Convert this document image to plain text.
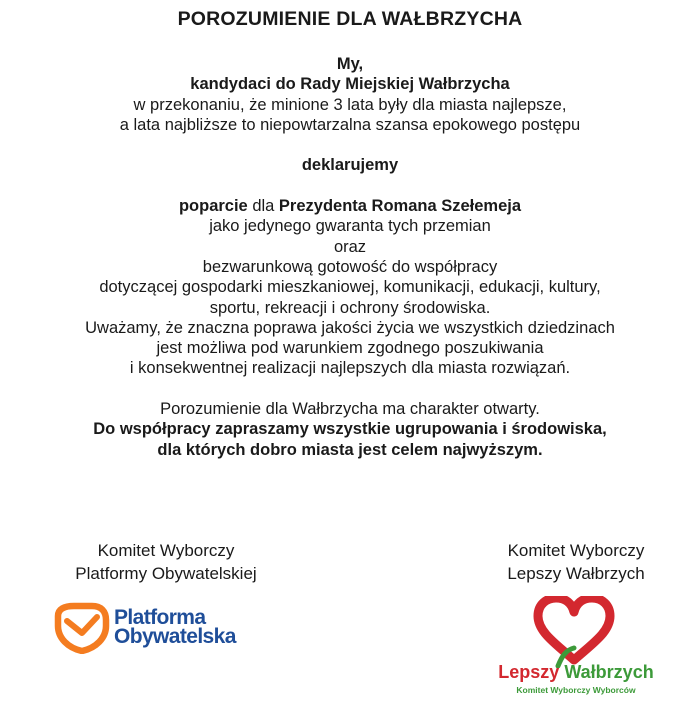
POROZUMIENIE DLA WAŁBRZYCHA
My,
kandydaci do Rady Miejskiej Wałbrzycha
w przekonaniu, że minione 3 lata były dla miasta najlepsze,
a lata najbliższe to niepowtarzalna szansa epokowego postępu
deklarujemy
poparcie dla Prezydenta Romana Szełemeja
jako jedynego gwaranta tych przemian
oraz
bezwarunkową gotowość do współpracy
dotyczącej gospodarki mieszkaniowej, komunikacji, edukacji, kultury,
sportu, rekreacji i ochrony środowiska.
Uważamy, że znaczna poprawa jakości życia we wszystkich dziedzinach
jest możliwa pod warunkiem zgodnego poszukiwania
i konsekwentnej realizacji najlepszych dla miasta rozwiązań.
Porozumienie dla Wałbrzycha ma charakter otwarty.
Do współpracy zapraszamy wszystkie ugrupowania i środowiska,
dla których dobro miasta jest celem najwyższym.
Komitet Wyborczy
Platformy Obywatelskiej
Komitet Wyborczy
Lepszy Wałbrzych
Platforma
Obywatelska
Lepszy Wałbrzych
Komitet Wyborczy Wyborców
